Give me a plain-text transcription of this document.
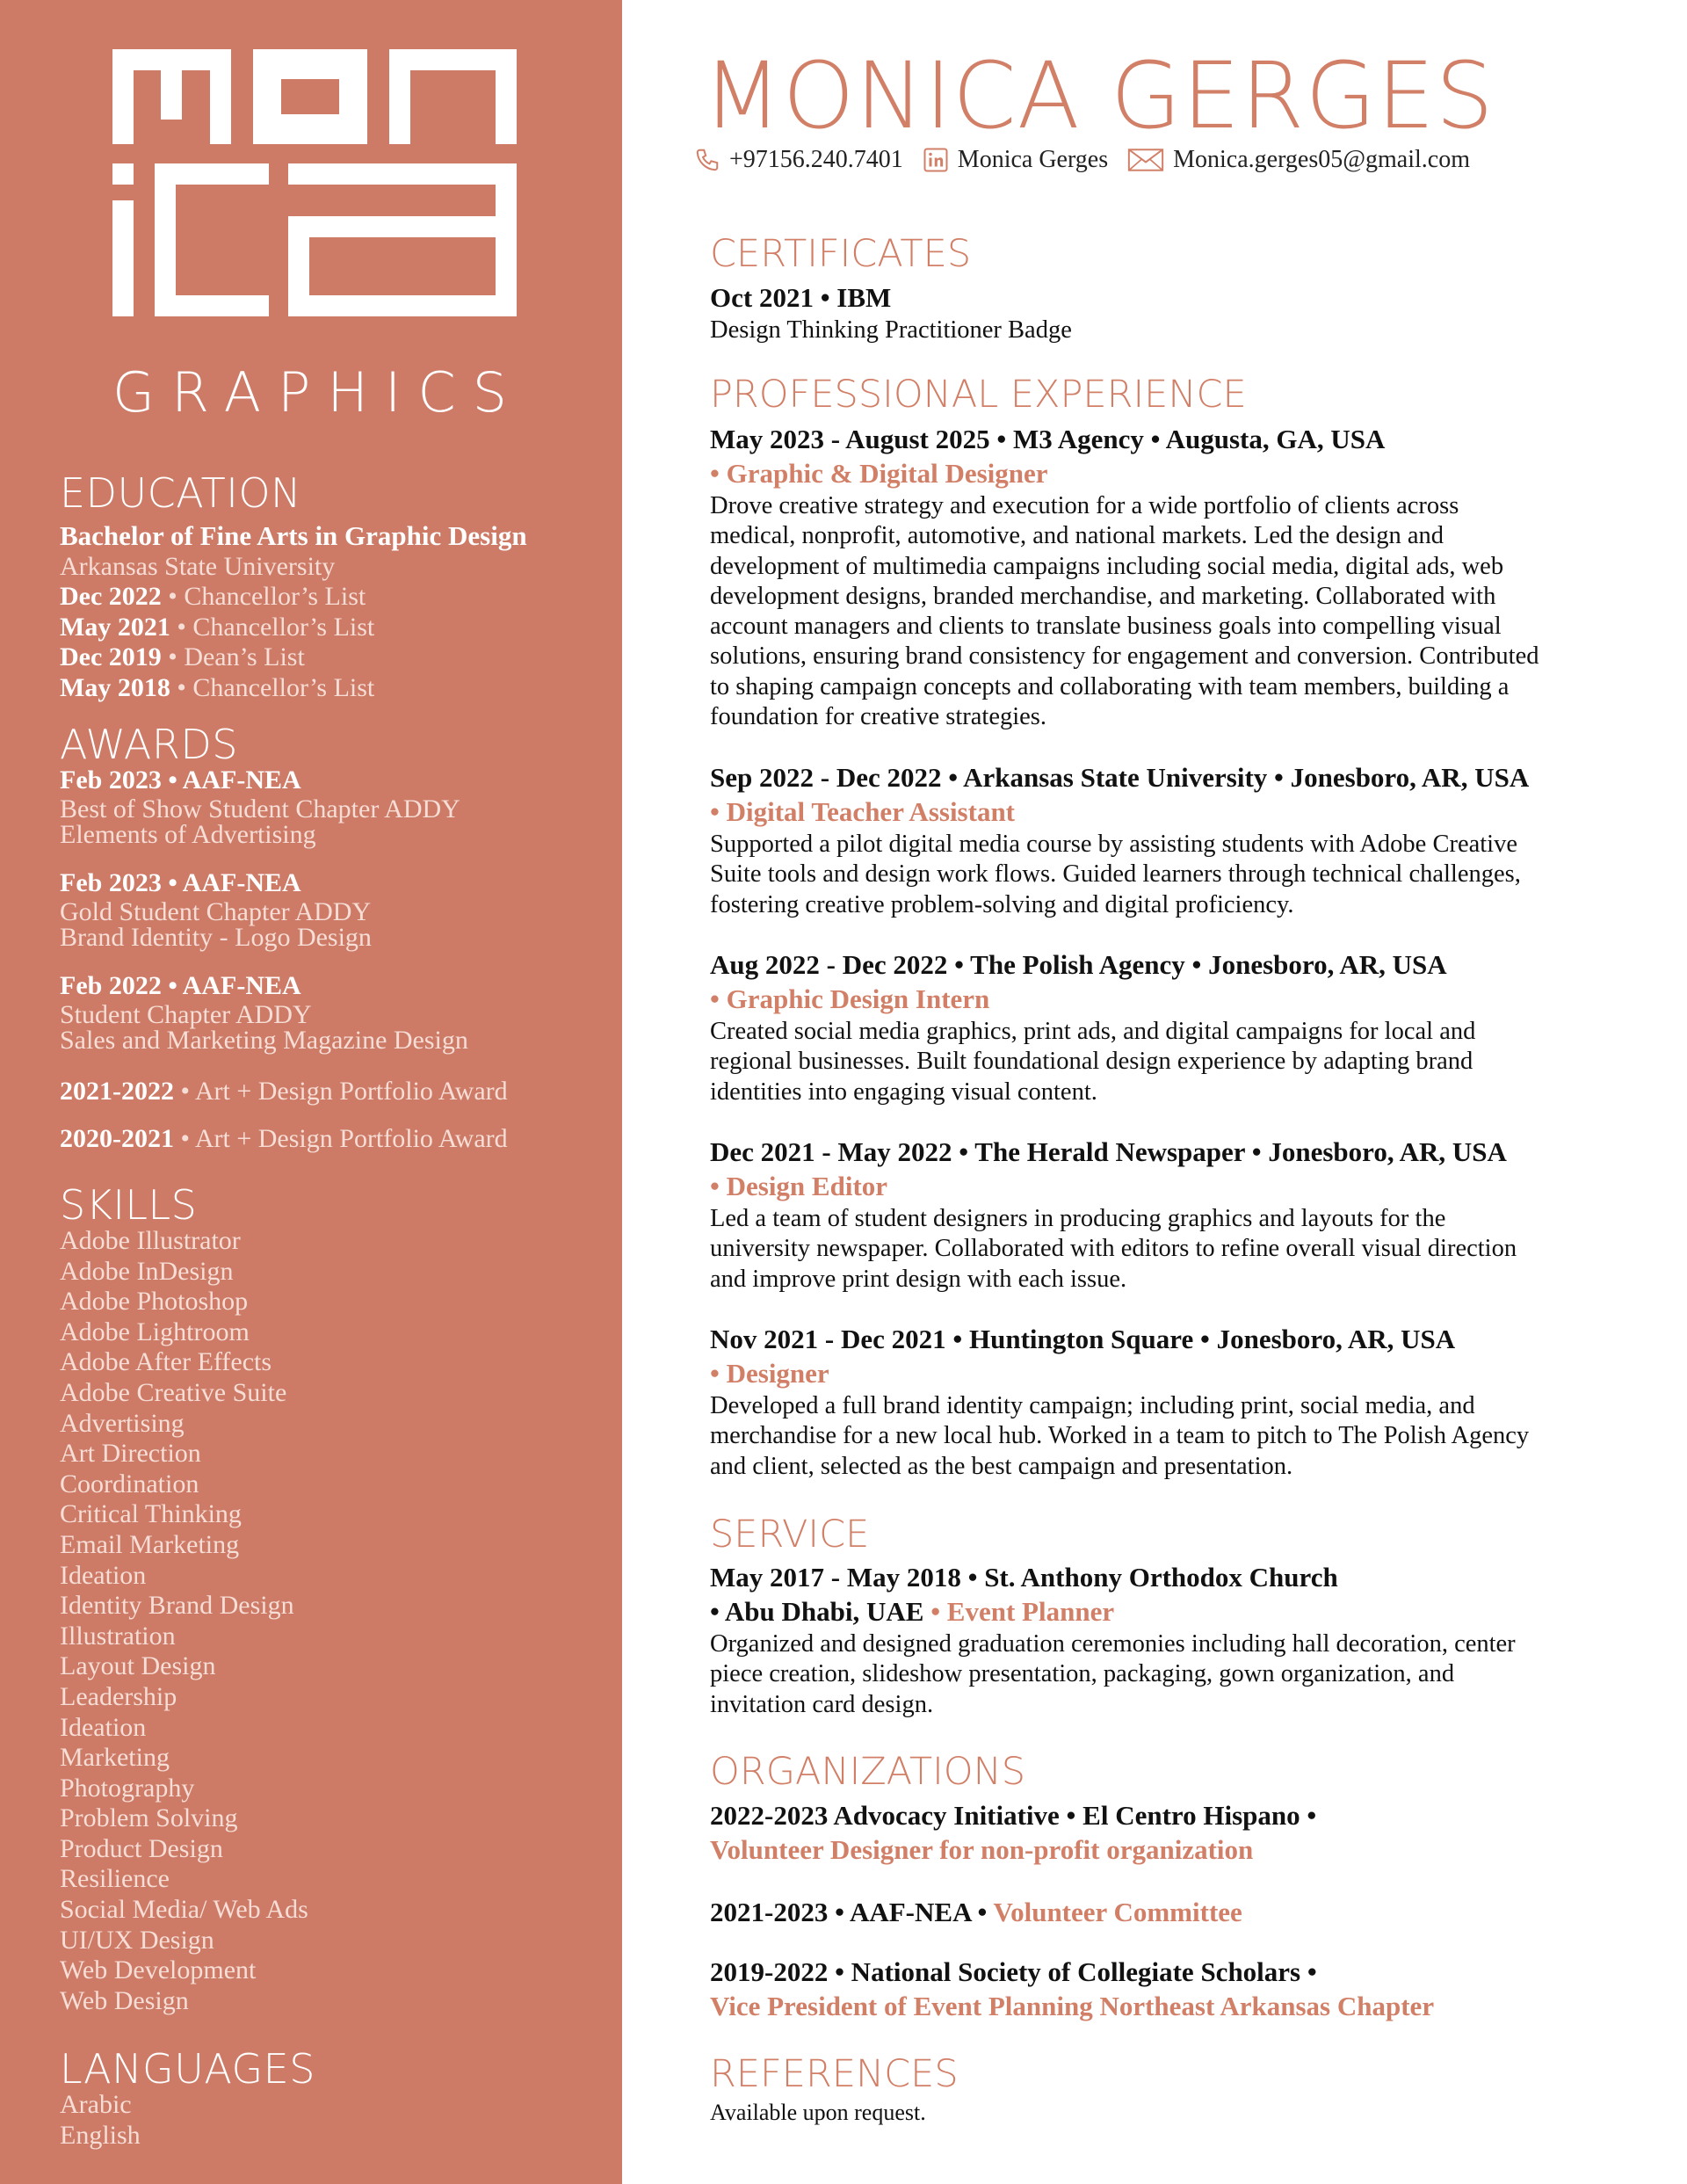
GRAPHICS
EDUCATION
Bachelor of Fine Arts in Graphic Design
Arkansas State University
Dec 2022 • Chancellor’s List
May 2021 • Chancellor’s List
Dec 2019 • Dean’s List
May 2018 • Chancellor’s List
AWARDS
Feb 2023 • AAF-NEA
Best of Show Student Chapter ADDY
Elements of Advertising
Feb 2023 • AAF-NEA
Gold Student Chapter ADDY
Brand Identity - Logo Design
Feb 2022 • AAF-NEA
Student Chapter ADDY
Sales and Marketing Magazine Design
2021-2022 • Art + Design Portfolio Award
2020-2021 • Art + Design Portfolio Award
SKILLS
Adobe Illustrator
Adobe InDesign
Adobe Photoshop
Adobe Lightroom
Adobe After Effects
Adobe Creative Suite
Advertising
Art Direction
Coordination
Critical Thinking
Email Marketing
Ideation
Identity Brand Design
Illustration
Layout Design
Leadership
Ideation
Marketing
Photography
Problem Solving
Product Design
Resilience
Social Media/ Web Ads
UI/UX Design
Web Development
Web Design
LANGUAGES
Arabic
English
MONICA GERGES
+97156.240.7401 Monica Gerges	Monica.gerges05@gmail.com
CERTIFICATES
Oct 2021 • IBM
Design Thinking Practitioner Badge
PROFESSIONAL EXPERIENCE
May 2023 - August 2025 • M3 Agency • Augusta, GA, USA
• Graphic & Digital Designer
Drove creative strategy and execution for a wide portfolio of clients across
medical, nonprofit, automotive, and national markets. Led the design and
development of multimedia campaigns including social media, digital ads, web
development designs, branded merchandise, and marketing. Collaborated with
account managers and clients to translate business goals into compelling visual
solutions, ensuring brand consistency for engagement and conversion. Contributed
to shaping campaign concepts and collaborating with team members, building a
foundation for creative strategies.
Sep 2022 - Dec 2022 • Arkansas State University • Jonesboro, AR, USA
• Digital Teacher Assistant
Supported a pilot digital media course by assisting students with Adobe Creative
Suite tools and design work flows. Guided learners through technical challenges,
fostering creative problem-solving and digital proficiency.
Aug 2022 - Dec 2022 • The Polish Agency • Jonesboro, AR, USA
• Graphic Design Intern
Created social media graphics, print ads, and digital campaigns for local and
regional businesses. Built foundational design experience by adapting brand
identities into engaging visual content.
Dec 2021 - May 2022 • The Herald Newspaper • Jonesboro, AR, USA
• Design Editor
Led a team of student designers in producing graphics and layouts for the
university newspaper. Collaborated with editors to refine overall visual direction
and improve print design with each issue.
Nov 2021 - Dec 2021 • Huntington Square • Jonesboro, AR, USA
• Designer
Developed a full brand identity campaign; including print, social media, and
merchandise for a new local hub. Worked in a team to pitch to The Polish Agency
and client, selected as the best campaign and presentation.
SERVICE
May 2017 - May 2018 • St. Anthony Orthodox Church
• Abu Dhabi, UAE • Event Planner
Organized and designed graduation ceremonies including hall decoration, center
piece creation, slideshow presentation, packaging, gown organization, and
invitation card design.
ORGANIZATIONS
2022-2023 Advocacy Initiative • El Centro Hispano •
Volunteer Designer for non-profit organization
2021-2023 • AAF-NEA • Volunteer Committee
2019-2022 • National Society of Collegiate Scholars •
Vice President of Event Planning Northeast Arkansas Chapter
REFERENCES
Available upon request.
